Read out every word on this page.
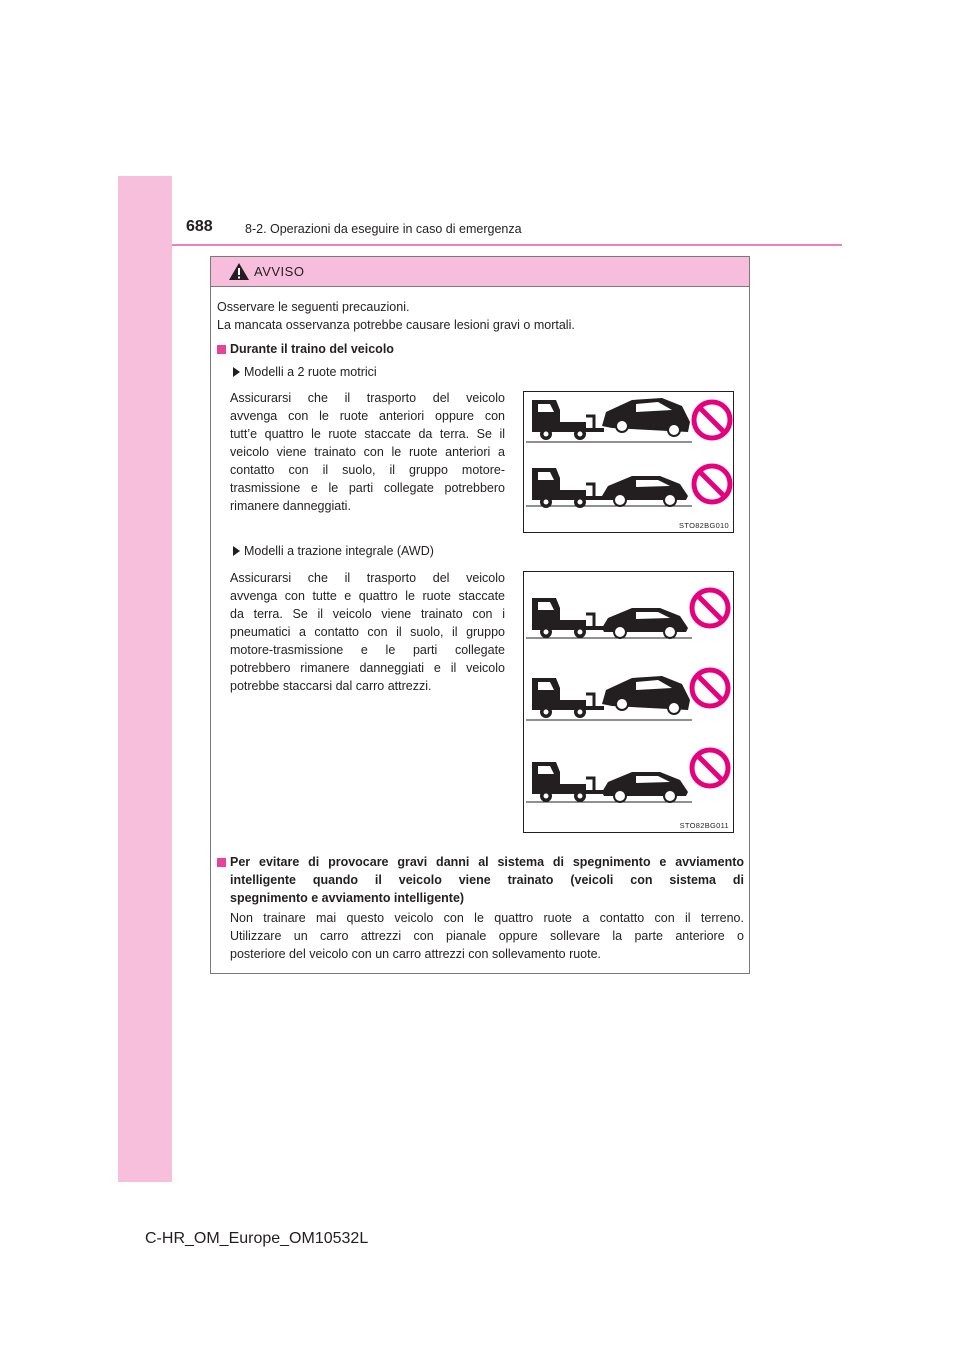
688	8-2. Operazioni da eseguire in caso di emergenza
AVVISO
Osservare le seguenti precauzioni.
La mancata osservanza potrebbe causare lesioni gravi o mortali.
Durante il traino del veicolo
Modelli a 2 ruote motrici
Assicurarsi che il trasporto del veicolo
avvenga con le ruote anteriori oppure con
tutt’e quattro le ruote staccate da terra. Se il
veicolo viene trainato con le ruote anteriori a
contatto con il suolo, il gruppo motore-
trasmissione e le parti collegate potrebbero
rimanere danneggiati.
STO82BG010
Modelli a trazione integrale (AWD)
Assicurarsi che il trasporto del veicolo
avvenga con tutte e quattro le ruote staccate
da terra. Se il veicolo viene trainato con i
pneumatici a contatto con il suolo, il gruppo
motore-trasmissione e le parti collegate
potrebbero rimanere danneggiati e il veicolo
potrebbe staccarsi dal carro attrezzi.
STO82BG011
Per evitare di provocare gravi danni al sistema di spegnimento e avviamento
intelligente quando il veicolo viene trainato (veicoli con sistema di
spegnimento e avviamento intelligente)
Non trainare mai questo veicolo con le quattro ruote a contatto con il terreno.
Utilizzare un carro attrezzi con pianale oppure sollevare la parte anteriore o
posteriore del veicolo con un carro attrezzi con sollevamento ruote.
C-HR_OM_Europe_OM10532L
